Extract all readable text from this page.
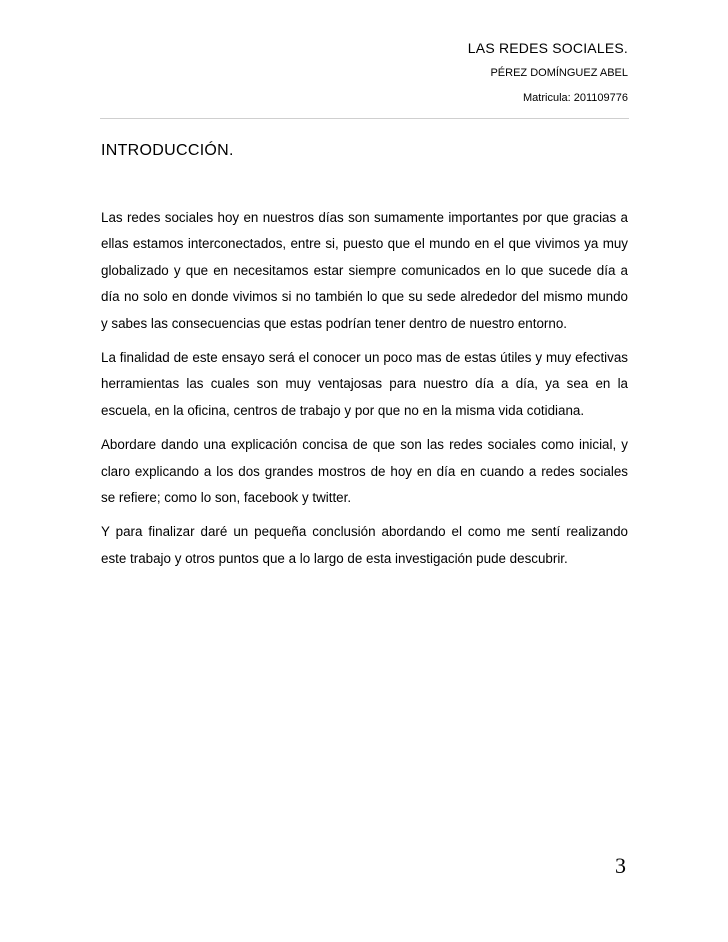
LAS REDES SOCIALES.
PÉREZ DOMÍNGUEZ ABEL
Matricula: 201109776
INTRODUCCIÓN.

Las redes sociales hoy en nuestros días son sumamente importantes por que gracias a ellas estamos interconectados, entre si, puesto que el mundo en el que vivimos ya muy globalizado y que en necesitamos estar siempre comunicados en lo que sucede día a día no solo en donde vivimos si no también lo que su sede alrededor del mismo mundo y sabes las consecuencias que estas podrían tener dentro de nuestro entorno.

La finalidad de este ensayo será el conocer un poco mas de estas útiles y muy efectivas herramientas las cuales son muy ventajosas para nuestro día a día, ya sea en la escuela, en la oficina, centros de trabajo y por que no en la misma vida cotidiana.

Abordare dando una explicación concisa de que son las redes sociales como inicial, y claro explicando a los dos grandes mostros de hoy en día en cuando a redes sociales se refiere; como lo son, facebook y twitter.

Y para finalizar daré un pequeña conclusión abordando el como me sentí realizando este trabajo y otros puntos que a lo largo de esta investigación pude descubrir.

3
